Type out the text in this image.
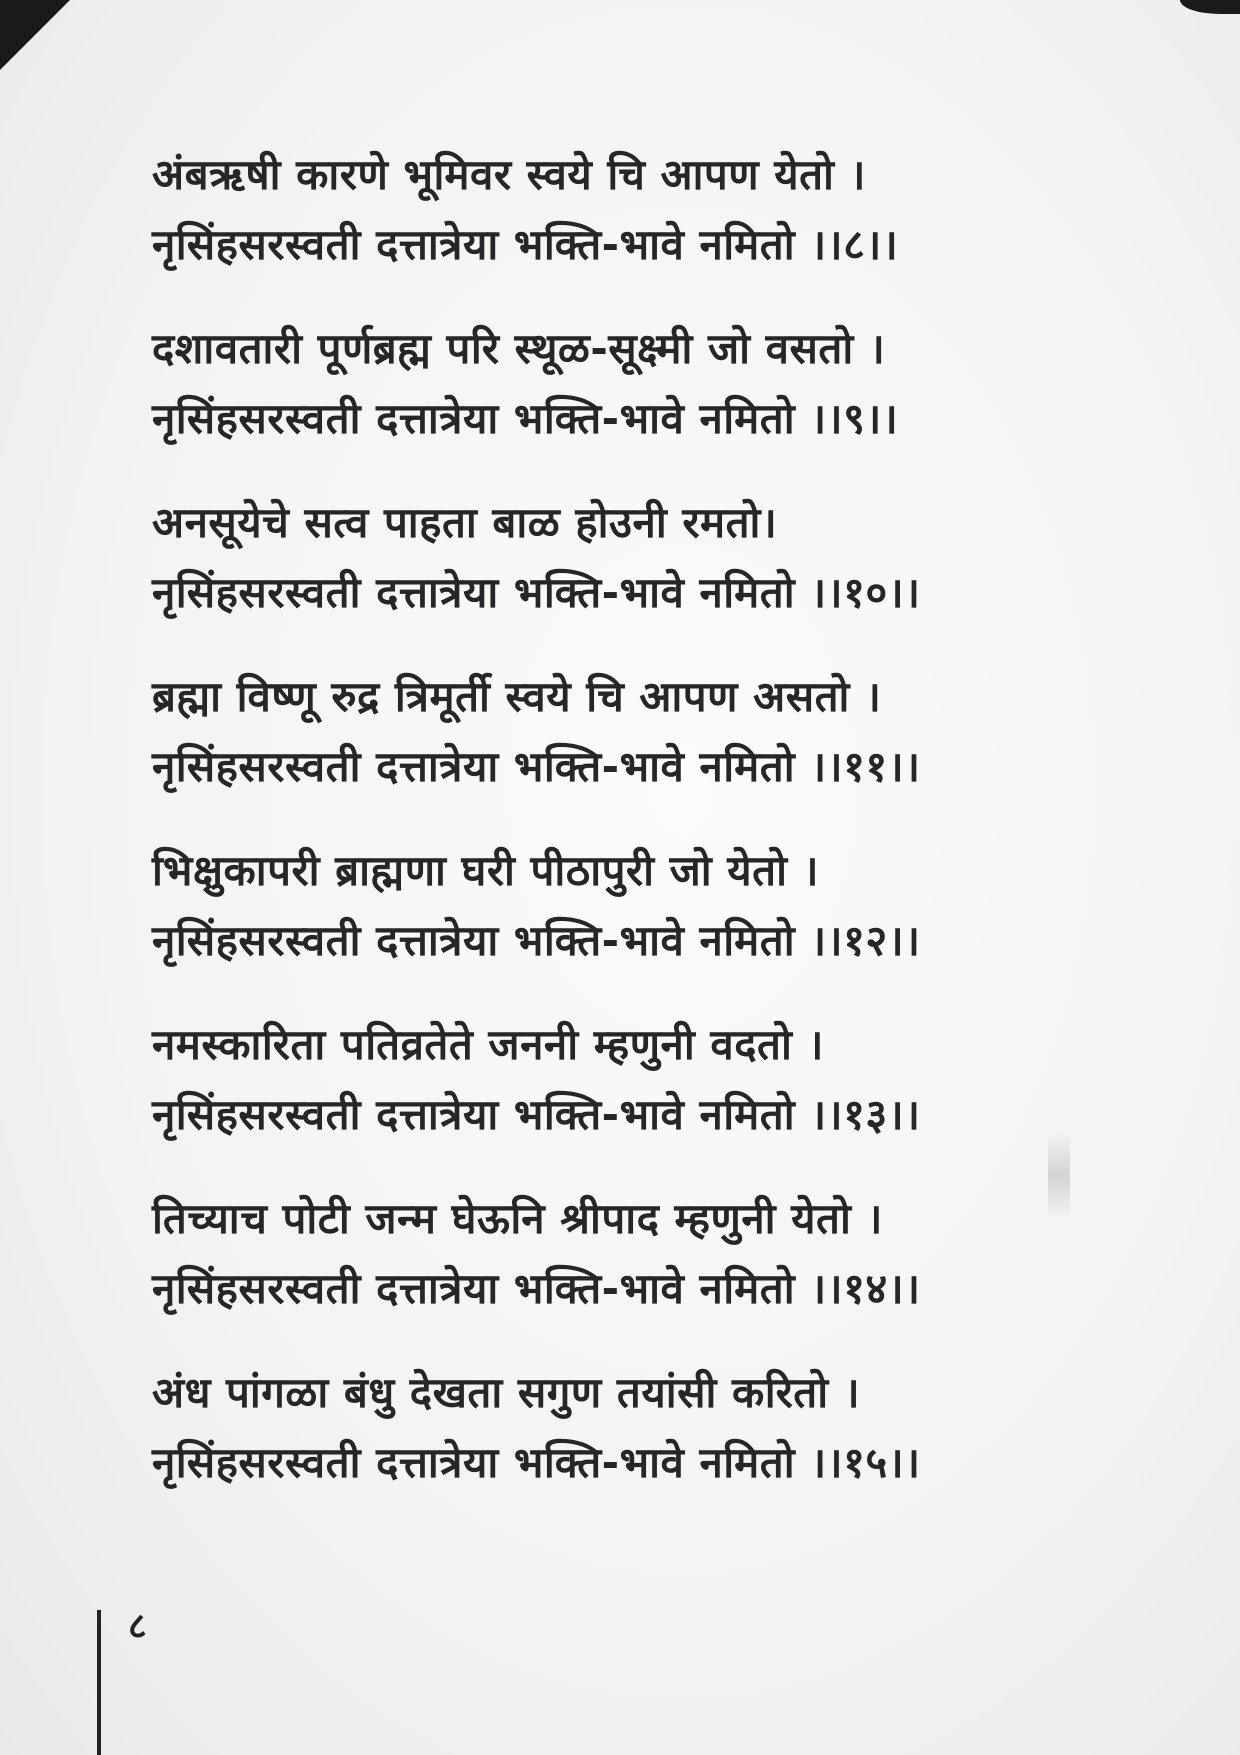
अंबऋषी कारणे भूमिवर स्वये चि आपण येतो ।
नृसिंहसरस्वती दत्तात्रेया भक्ति-भावे नमितो ।।८।।
दशावतारी पूर्णब्रह्म परि स्थूळ-सूक्ष्मी जो वसतो ।
नृसिंहसरस्वती दत्तात्रेया भक्ति-भावे नमितो ।।९।।
अनसूयेचे सत्व पाहता बाळ होउनी रमतो।
नृसिंहसरस्वती दत्तात्रेया भक्ति-भावे नमितो ।।१०।।
ब्रह्मा विष्णू रुद्र त्रिमूर्ती स्वये चि आपण असतो ।
नृसिंहसरस्वती दत्तात्रेया भक्ति-भावे नमितो ।।११।।
भिक्षुकापरी ब्राह्मणा घरी पीठापुरी जो येतो ।
नृसिंहसरस्वती दत्तात्रेया भक्ति-भावे नमितो ।।१२।।
नमस्कारिता पतिव्रतेते जननी म्हणुनी वदतो ।
नृसिंहसरस्वती दत्तात्रेया भक्ति-भावे नमितो ।।१३।।
तिच्याच पोटी जन्म घेऊनि श्रीपाद म्हणुनी येतो ।
नृसिंहसरस्वती दत्तात्रेया भक्ति-भावे नमितो ।।१४।।
अंध पांगळा बंधु देखता सगुण तयांसी करितो ।
नृसिंहसरस्वती दत्तात्रेया भक्ति-भावे नमितो ।।१५।।
८
